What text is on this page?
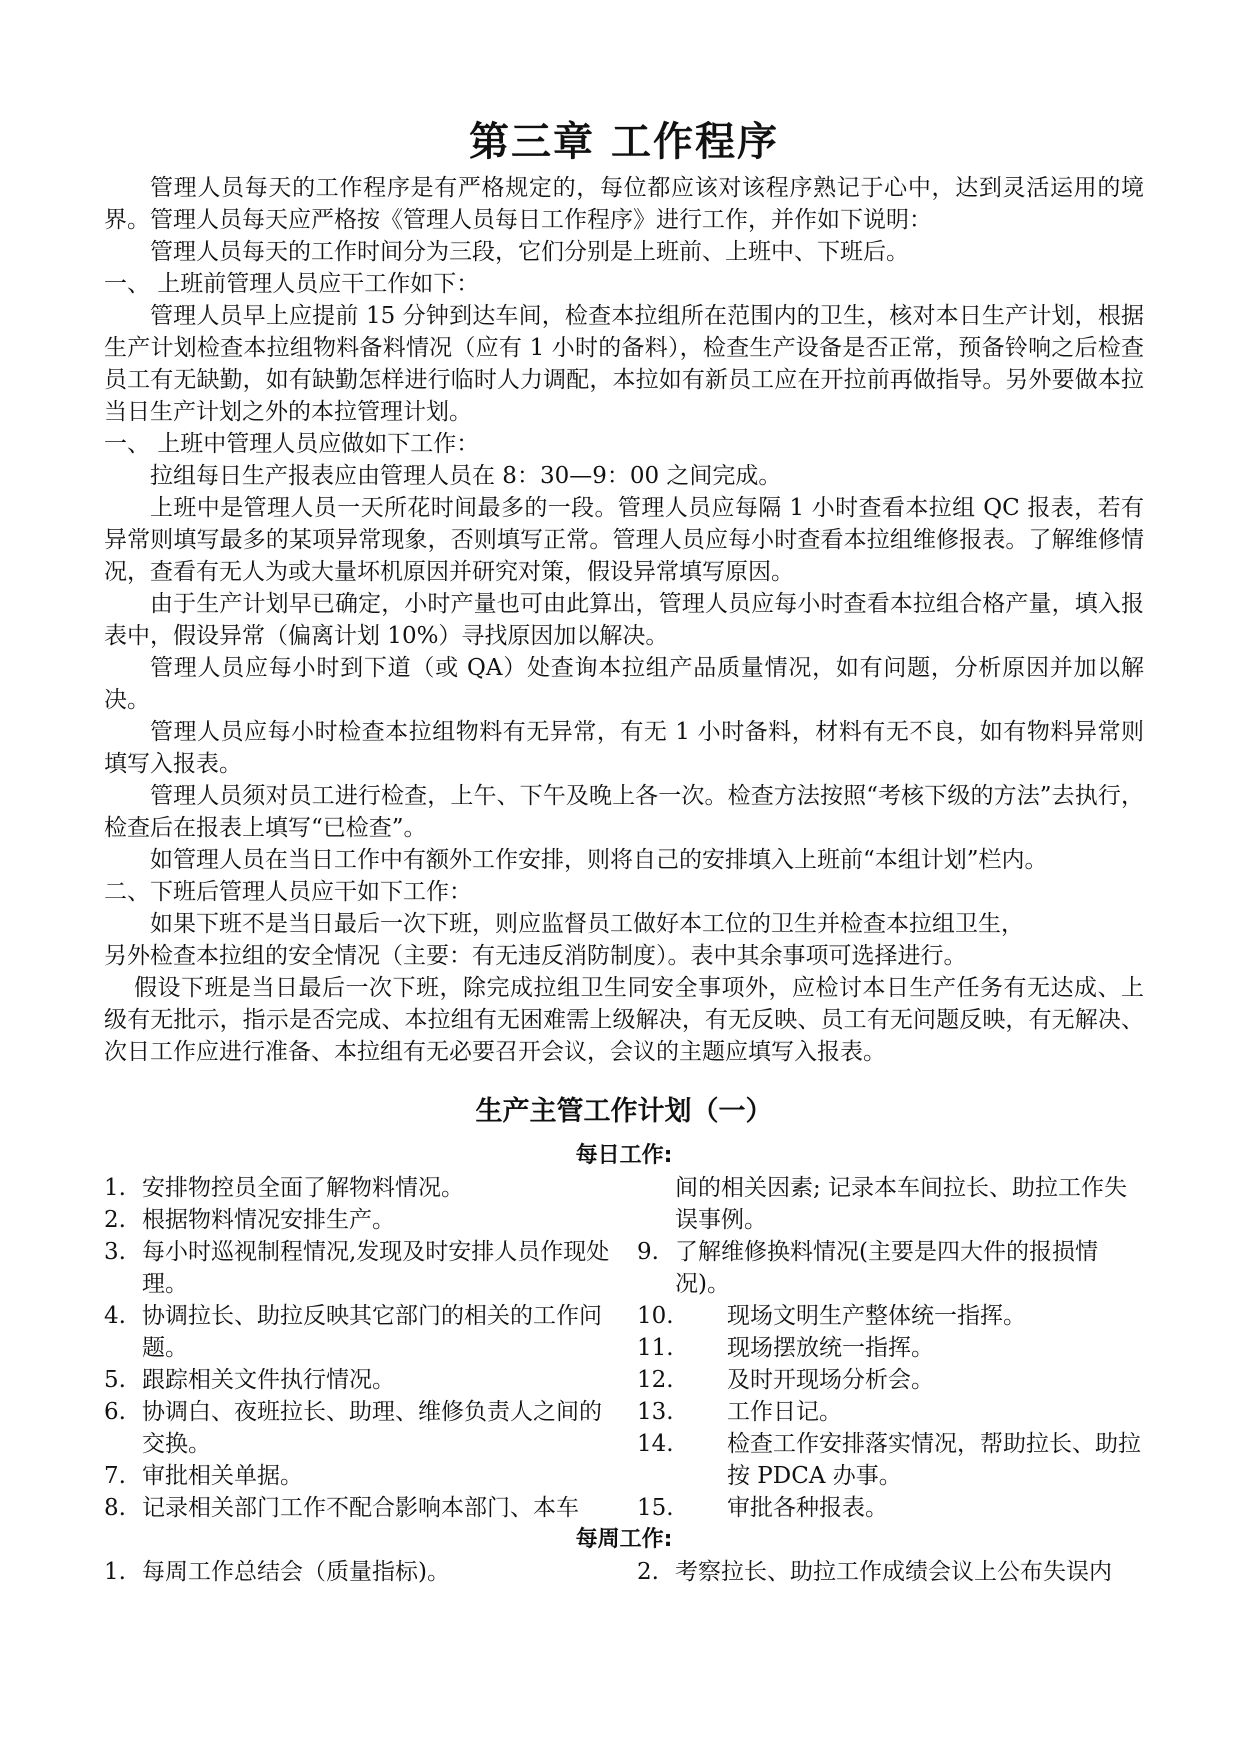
第三章 工作程序

管理人员每天的工作程序是有严格规定的，每位都应该对该程序熟记于心中，达到灵活运用的境界。管理人员每天应严格按《管理人员每日工作程序》进行工作，并作如下说明：

管理人员每天的工作时间分为三段，它们分别是上班前、上班中、下班后。

一、 上班前管理人员应干工作如下：

管理人员早上应提前 15 分钟到达车间，检查本拉组所在范围内的卫生，核对本日生产计划，根据生产计划检查本拉组物料备料情况（应有 1 小时的备料），检查生产设备是否正常，预备铃响之后检查员工有无缺勤，如有缺勤怎样进行临时人力调配，本拉如有新员工应在开拉前再做指导。另外要做本拉当日生产计划之外的本拉管理计划。

一、 上班中管理人员应做如下工作：

拉组每日生产报表应由管理人员在 8：30—9：00 之间完成。

上班中是管理人员一天所花时间最多的一段。管理人员应每隔 1 小时查看本拉组 QC 报表，若有异常则填写最多的某项异常现象，否则填写正常。管理人员应每小时查看本拉组维修报表。了解维修情况，查看有无人为或大量坏机原因并研究对策，假设异常填写原因。

由于生产计划早已确定，小时产量也可由此算出，管理人员应每小时查看本拉组合格产量，填入报表中，假设异常（偏离计划 10%）寻找原因加以解决。

管理人员应每小时到下道（或 QA）处查询本拉组产品质量情况，如有问题，分析原因并加以解决。

管理人员应每小时检查本拉组物料有无异常，有无 1 小时备料，材料有无不良，如有物料异常则填写入报表。

管理人员须对员工进行检查，上午、下午及晚上各一次。检查方法按照“考核下级的方法”去执行，检查后在报表上填写“已检查”。

如管理人员在当日工作中有额外工作安排，则将自己的安排填入上班前“本组计划”栏内。

二、下班后管理人员应干如下工作：

如果下班不是当日最后一次下班，则应监督员工做好本工位的卫生并检查本拉组卫生，

另外检查本拉组的安全情况（主要：有无违反消防制度）。表中其余事项可选择进行。

假设下班是当日最后一次下班，除完成拉组卫生同安全事项外，应检讨本日生产任务有无达成、上级有无批示，指示是否完成、本拉组有无困难需上级解决，有无反映、员工有无问题反映，有无解决、次日工作应进行准备、本拉组有无必要召开会议，会议的主题应填写入报表。

生产主管工作计划（一）
每日工作:
1. 安排物控员全面了解物料情况。
2. 根据物料情况安排生产。
3. 每小时巡视制程情况,发现及时安排人员作现处理。
4. 协调拉长、助拉反映其它部门的相关的工作问题。
5. 跟踪相关文件执行情况。
6. 协调白、夜班拉长、助理、维修负责人之间的交换。
7. 审批相关单据。
8. 记录相关部门工作不配合影响本部门、本车
间的相关因素; 记录本车间拉长、助拉工作失误事例。
9. 了解维修换料情况(主要是四大件的报损情况)。
10.	现场文明生产整体统一指挥。
11.	现场摆放统一指挥。
12.	及时开现场分析会。
13.	工作日记。
14.	检查工作安排落实情况，帮助拉长、助拉按 PDCA 办事。
15.	审批各种报表。
每周工作:
1. 每周工作总结会（质量指标)。	2. 考察拉长、助拉工作成绩会议上公布失误内
